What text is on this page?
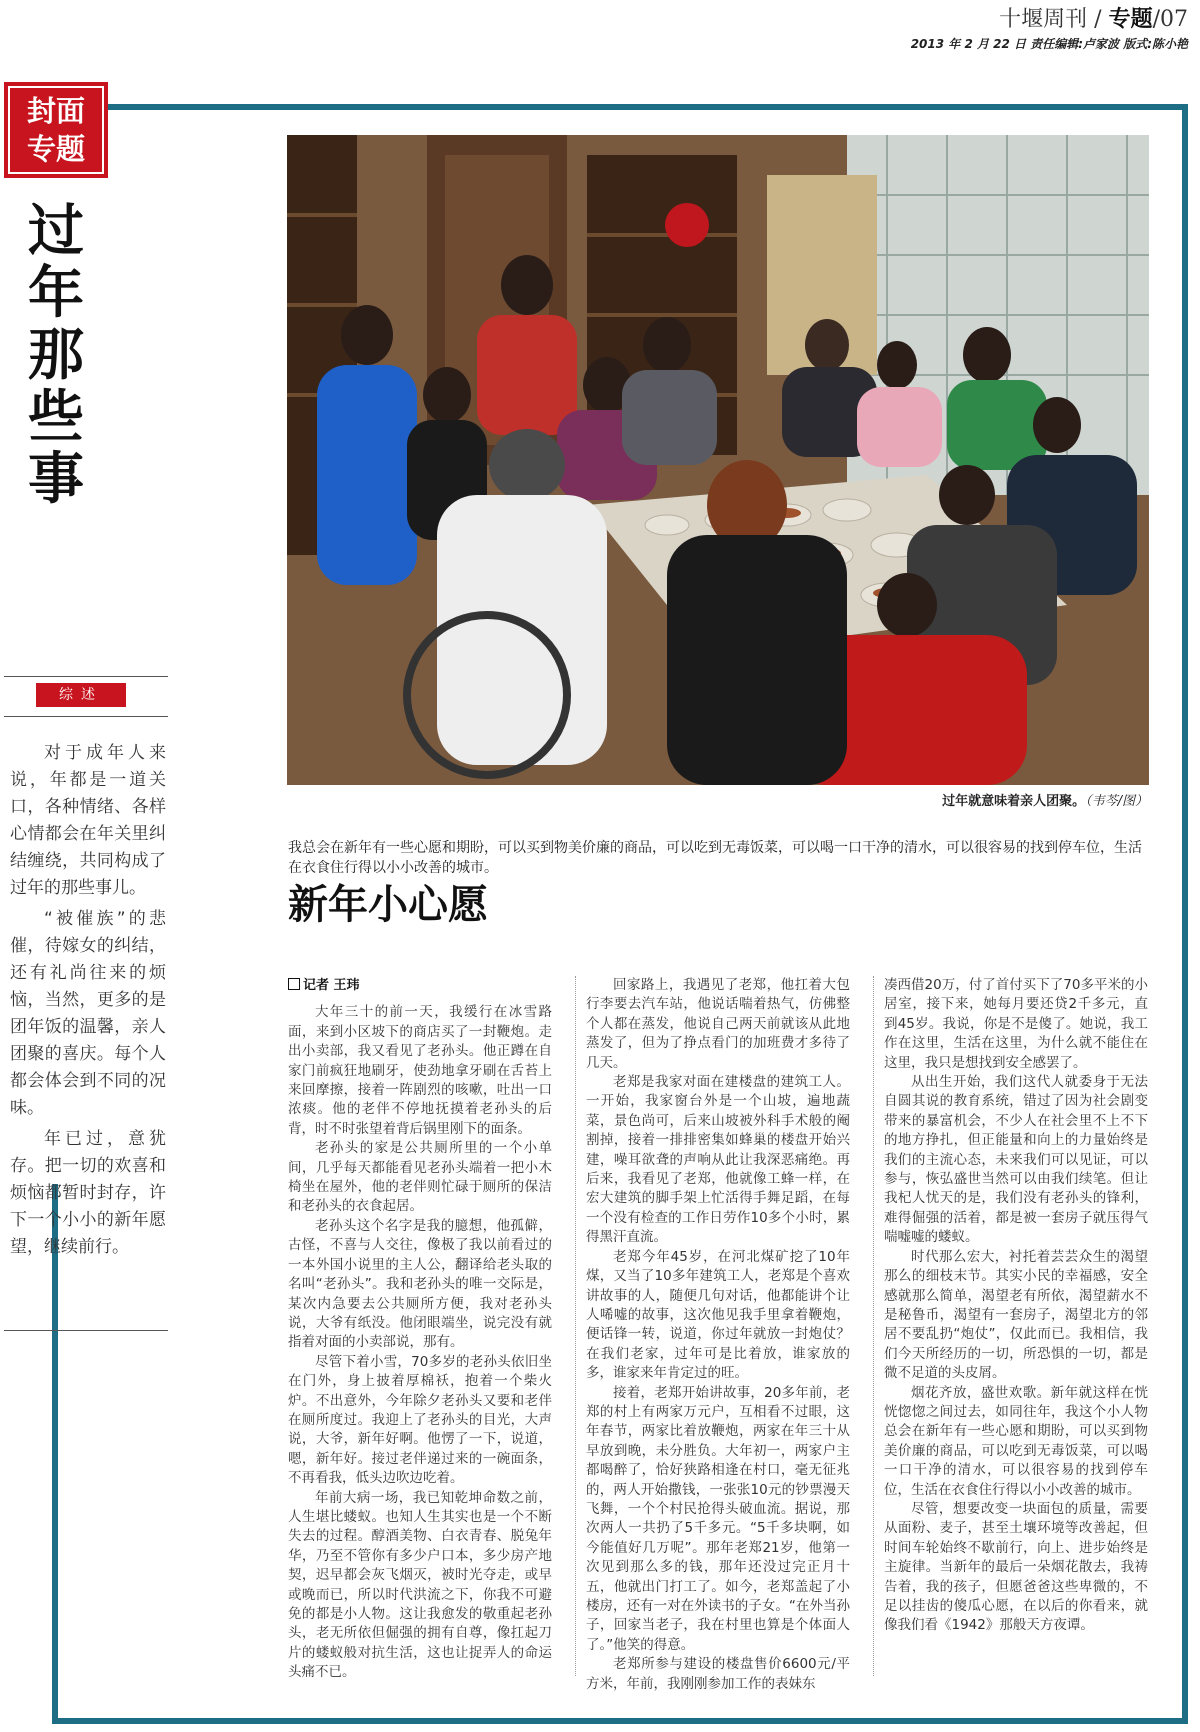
十堰周刊 / 专题/07
2013 年 2 月 22 日 责任编辑:卢家波 版式:陈小艳
封面
专题
过年那些事
综述

对于成年人来说，年都是一道关口，各种情绪、各样心情都会在年关里纠结缠绕，共同构成了过年的那些事儿。

“被催族”的悲催，待嫁女的纠结，还有礼尚往来的烦恼，当然，更多的是团年饭的温馨，亲人团聚的喜庆。每个人都会体会到不同的况味。

年已过，意犹存。把一切的欢喜和烦恼都暂时封存，许下一个小小的新年愿望，继续前行。

过年就意味着亲人团聚。（韦芩/图）
我总会在新年有一些心愿和期盼，可以买到物美价廉的商品，可以吃到无毒饭菜，可以喝一口干净的清水，可以很容易的找到停车位，生活在衣食住行得以小小改善的城市。
新年小心愿

记者 王玮

大年三十的前一天，我缓行在冰雪路面，来到小区坡下的商店买了一封鞭炮。走出小卖部，我又看见了老孙头。他正蹲在自家门前疯狂地刷牙，使劲地拿牙刷在舌苔上来回摩擦，接着一阵剧烈的咳嗽，吐出一口浓痰。他的老伴不停地抚摸着老孙头的后背，时不时张望着背后锅里刚下的面条。

老孙头的家是公共厕所里的一个小单间，几乎每天都能看见老孙头端着一把小木椅坐在屋外，他的老伴则忙碌于厕所的保洁和老孙头的衣食起居。

老孙头这个名字是我的臆想，他孤僻，古怪，不喜与人交往，像极了我以前看过的一本外国小说里的主人公，翻译给老头取的名叫“老孙头”。我和老孙头的唯一交际是，某次内急要去公共厕所方便，我对老孙头说，大爷有纸没。他闭眼端坐，说完没有就指着对面的小卖部说，那有。

尽管下着小雪，70多岁的老孙头依旧坐在门外，身上披着厚棉袄，抱着一个柴火炉。不出意外，今年除夕老孙头又要和老伴在厕所度过。我迎上了老孙头的目光，大声说，大爷，新年好啊。他愣了一下，说道，嗯，新年好。接过老伴递过来的一碗面条，不再看我，低头边吹边吃着。

年前大病一场，我已知乾坤命数之前，人生堪比蝼蚁。也知人生其实也是一个不断失去的过程。醇酒美物、白衣青春、脱兔年华，乃至不管你有多少户口本，多少房产地契，迟早都会灰飞烟灭，被时光夺走，或早或晚而已，所以时代洪流之下，你我不可避免的都是小人物。这让我愈发的敬重起老孙头，老无所依但倔强的拥有自尊，像扛起刀片的蝼蚁般对抗生活，这也让捉弄人的命运头痛不已。

回家路上，我遇见了老郑，他扛着大包行李要去汽车站，他说话喘着热气，仿佛整个人都在蒸发，他说自己两天前就该从此地蒸发了，但为了挣点看门的加班费才多待了几天。

老郑是我家对面在建楼盘的建筑工人。一开始，我家窗台外是一个山坡，遍地蔬菜，景色尚可，后来山坡被外科手术般的阉割掉，接着一排排密集如蜂巢的楼盘开始兴建，噪耳欲聋的声响从此让我深恶痛绝。再后来，我看见了老郑，他就像工蜂一样，在宏大建筑的脚手架上忙活得手舞足蹈，在每一个没有检查的工作日劳作10多个小时，累得黑汗直流。

老郑今年45岁，在河北煤矿挖了10年煤，又当了10多年建筑工人，老郑是个喜欢讲故事的人，随便几句对话，他都能讲个让人唏嘘的故事，这次他见我手里拿着鞭炮，便话锋一转，说道，你过年就放一封炮仗？在我们老家，过年可是比着放，谁家放的多，谁家来年肯定过的旺。

接着，老郑开始讲故事，20多年前，老郑的村上有两家万元户，互相看不过眼，这年春节，两家比着放鞭炮，两家在年三十从早放到晚，未分胜负。大年初一，两家户主都喝醉了，恰好狭路相逢在村口，毫无征兆的，两人开始撒钱，一张张10元的钞票漫天飞舞，一个个村民抢得头破血流。据说，那次两人一共扔了5千多元。“5千多块啊，如今能值好几万呢”。那年老郑21岁，他第一次见到那么多的钱，那年还没过完正月十五，他就出门打工了。如今，老郑盖起了小楼房，还有一对在外读书的子女。“在外当孙子，回家当老子，我在村里也算是个体面人了。”他笑的得意。

老郑所参与建设的楼盘售价6600元/平方米，年前，我刚刚参加工作的表妹东

凑西借20万，付了首付买下了70多平米的小居室，接下来，她每月要还贷2千多元，直到45岁。我说，你是不是傻了。她说，我工作在这里，生活在这里，为什么就不能住在这里，我只是想找到安全感罢了。

从出生开始，我们这代人就委身于无法自圆其说的教育系统，错过了因为社会剧变带来的暴富机会，不少人在社会里不上不下的地方挣扎，但正能量和向上的力量始终是我们的主流心态，未来我们可以见证，可以参与，恢弘盛世当然可以由我们续笔。但让我杞人忧天的是，我们没有老孙头的锋利，难得倔强的活着，都是被一套房子就压得气喘嘘嘘的蝼蚁。

时代那么宏大，衬托着芸芸众生的渴望那么的细枝末节。其实小民的幸福感，安全感就那么简单，渴望老有所依，渴望薪水不是秘鲁币，渴望有一套房子，渴望北方的邻居不要乱扔“炮仗”，仅此而已。我相信，我们今天所经历的一切，所恐惧的一切，都是微不足道的头皮屑。

烟花齐放，盛世欢歌。新年就这样在恍恍惚惚之间过去，如同往年，我这个小人物总会在新年有一些心愿和期盼，可以买到物美价廉的商品，可以吃到无毒饭菜，可以喝一口干净的清水，可以很容易的找到停车位，生活在衣食住行得以小小改善的城市。

尽管，想要改变一块面包的质量，需要从面粉、麦子，甚至土壤环境等改善起，但时间车轮始终不歇前行，向上、进步始终是主旋律。当新年的最后一朵烟花散去，我祷告着，我的孩子，但愿爸爸这些卑微的，不足以挂齿的傻瓜心愿，在以后的你看来，就像我们看《1942》那般天方夜谭。
